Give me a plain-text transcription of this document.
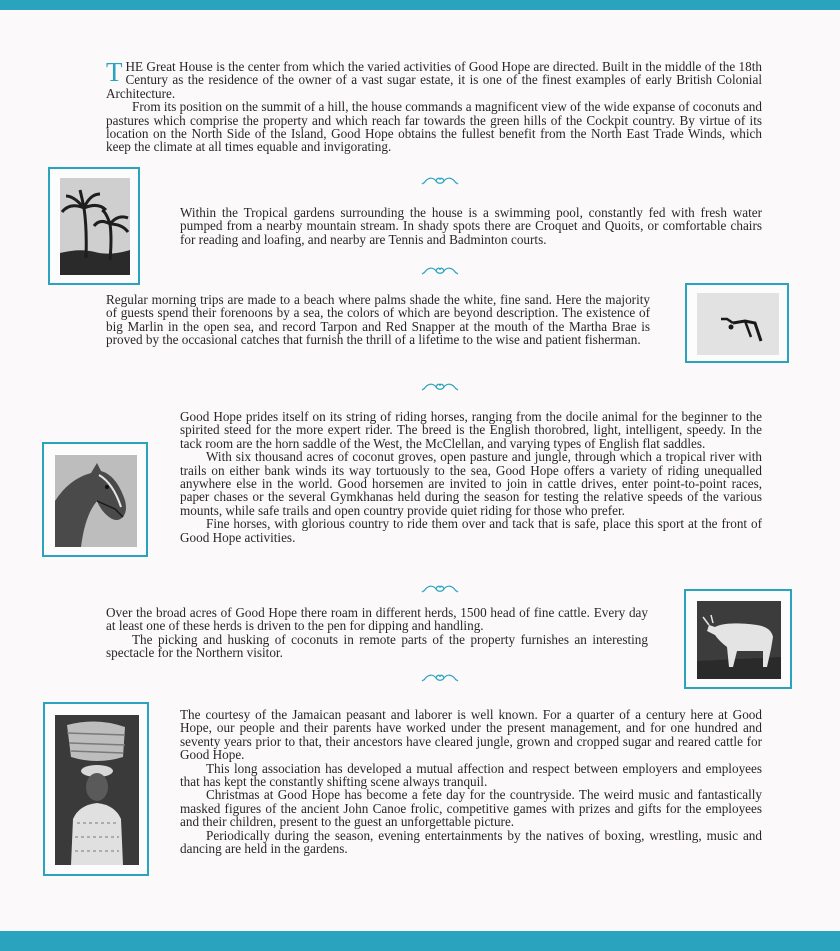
THE Great House is the center from which the varied activities of Good Hope are directed. Built in the middle of the 18th Century as the residence of the owner of a vast sugar estate, it is one of the finest examples of early British Colonial Architecture.

From its position on the summit of a hill, the house commands a magnificent view of the wide expanse of coconuts and pastures which comprise the property and which reach far towards the green hills of the Cockpit country. By virtue of its location on the North Side of the Island, Good Hope obtains the fullest benefit from the North East Trade Winds, which keep the climate at all times equable and invigorating.

Within the Tropical gardens surrounding the house is a swimming pool, constantly fed with fresh water pumped from a nearby mountain stream. In shady spots there are Croquet and Quoits, or comfortable chairs for reading and loafing, and nearby are Tennis and Badminton courts.

Regular morning trips are made to a beach where palms shade the white, fine sand. Here the majority of guests spend their forenoons by a sea, the colors of which are beyond description. The existence of big Marlin in the open sea, and record Tarpon and Red Snapper at the mouth of the Martha Brae is proved by the occasional catches that furnish the thrill of a lifetime to the wise and patient fisherman.

Good Hope prides itself on its string of riding horses, ranging from the docile animal for the beginner to the spirited steed for the more expert rider. The breed is the English thorobred, light, intelligent, speedy. In the tack room are the horn saddle of the West, the McClellan, and varying types of English flat saddles.

With six thousand acres of coconut groves, open pasture and jungle, through which a tropical river with trails on either bank winds its way tortuously to the sea, Good Hope offers a variety of riding unequalled anywhere else in the world. Good horsemen are invited to join in cattle drives, enter point-to-point races, paper chases or the several Gymkhanas held during the season for testing the relative speeds of the various mounts, while safe trails and open country provide quiet riding for those who prefer.

Fine horses, with glorious country to ride them over and tack that is safe, place this sport at the front of Good Hope activities.

Over the broad acres of Good Hope there roam in different herds, 1500 head of fine cattle. Every day at least one of these herds is driven to the pen for dipping and handling.

The picking and husking of coconuts in remote parts of the property furnishes an interesting spectacle for the Northern visitor.

The courtesy of the Jamaican peasant and laborer is well known. For a quarter of a century here at Good Hope, our people and their parents have worked under the present management, and for one hundred and seventy years prior to that, their ancestors have cleared jungle, grown and cropped sugar and reared cattle for Good Hope.

This long association has developed a mutual affection and respect between employers and employees that has kept the constantly shifting scene always tranquil.

Christmas at Good Hope has become a fete day for the countryside. The weird music and fantastically masked figures of the ancient John Canoe frolic, competitive games with prizes and gifts for the employees and their children, present to the guest an unforgettable picture.

Periodically during the season, evening entertainments by the natives of boxing, wrestling, music and dancing are held in the gardens.
